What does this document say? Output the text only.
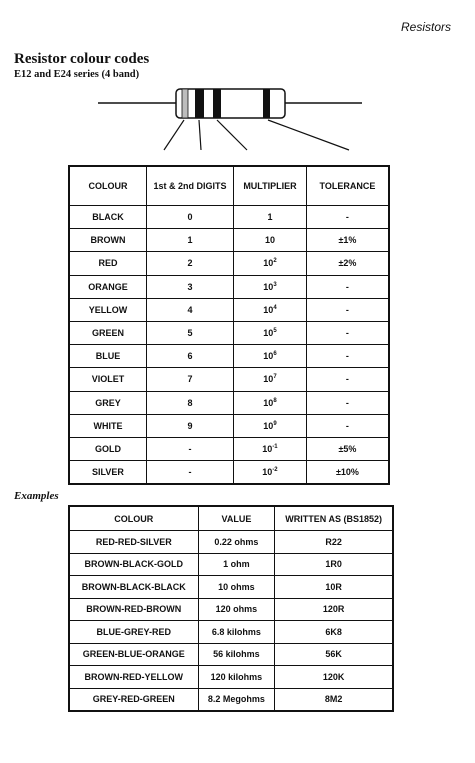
Resistors
Resistor colour codes
E12 and E24 series (4 band)
COLOUR	1st & 2nd DIGITS	MULTIPLIER	TOLERANCE
BLACK	0	1	-
BROWN	1	10	±1%
RED	2	$10^2$	±2%
ORANGE	3	$10^3$	-
YELLOW	4	$10^4$	-
GREEN	5	$10^5$	-
BLUE	6	$10^6$	-
VIOLET	7	$10^7$	-
GREY	8	$10^8$	-
WHITE	9	$10^9$	-
GOLD	-	$10^{-1}$	±5%
SILVER	-	$10^{-2}$	±10%
Examples
COLOUR	VALUE	WRITTEN AS (BS1852)
RED-RED-SILVER	0.22 ohms	R22
BROWN-BLACK-GOLD	1 ohm	1R0
BROWN-BLACK-BLACK	10 ohms	10R
BROWN-RED-BROWN	120 ohms	120R
BLUE-GREY-RED	6.8 kilohms	6K8
GREEN-BLUE-ORANGE	56 kilohms	56K
BROWN-RED-YELLOW	120 kilohms	120K
GREY-RED-GREEN	8.2 Megohms	8M2
